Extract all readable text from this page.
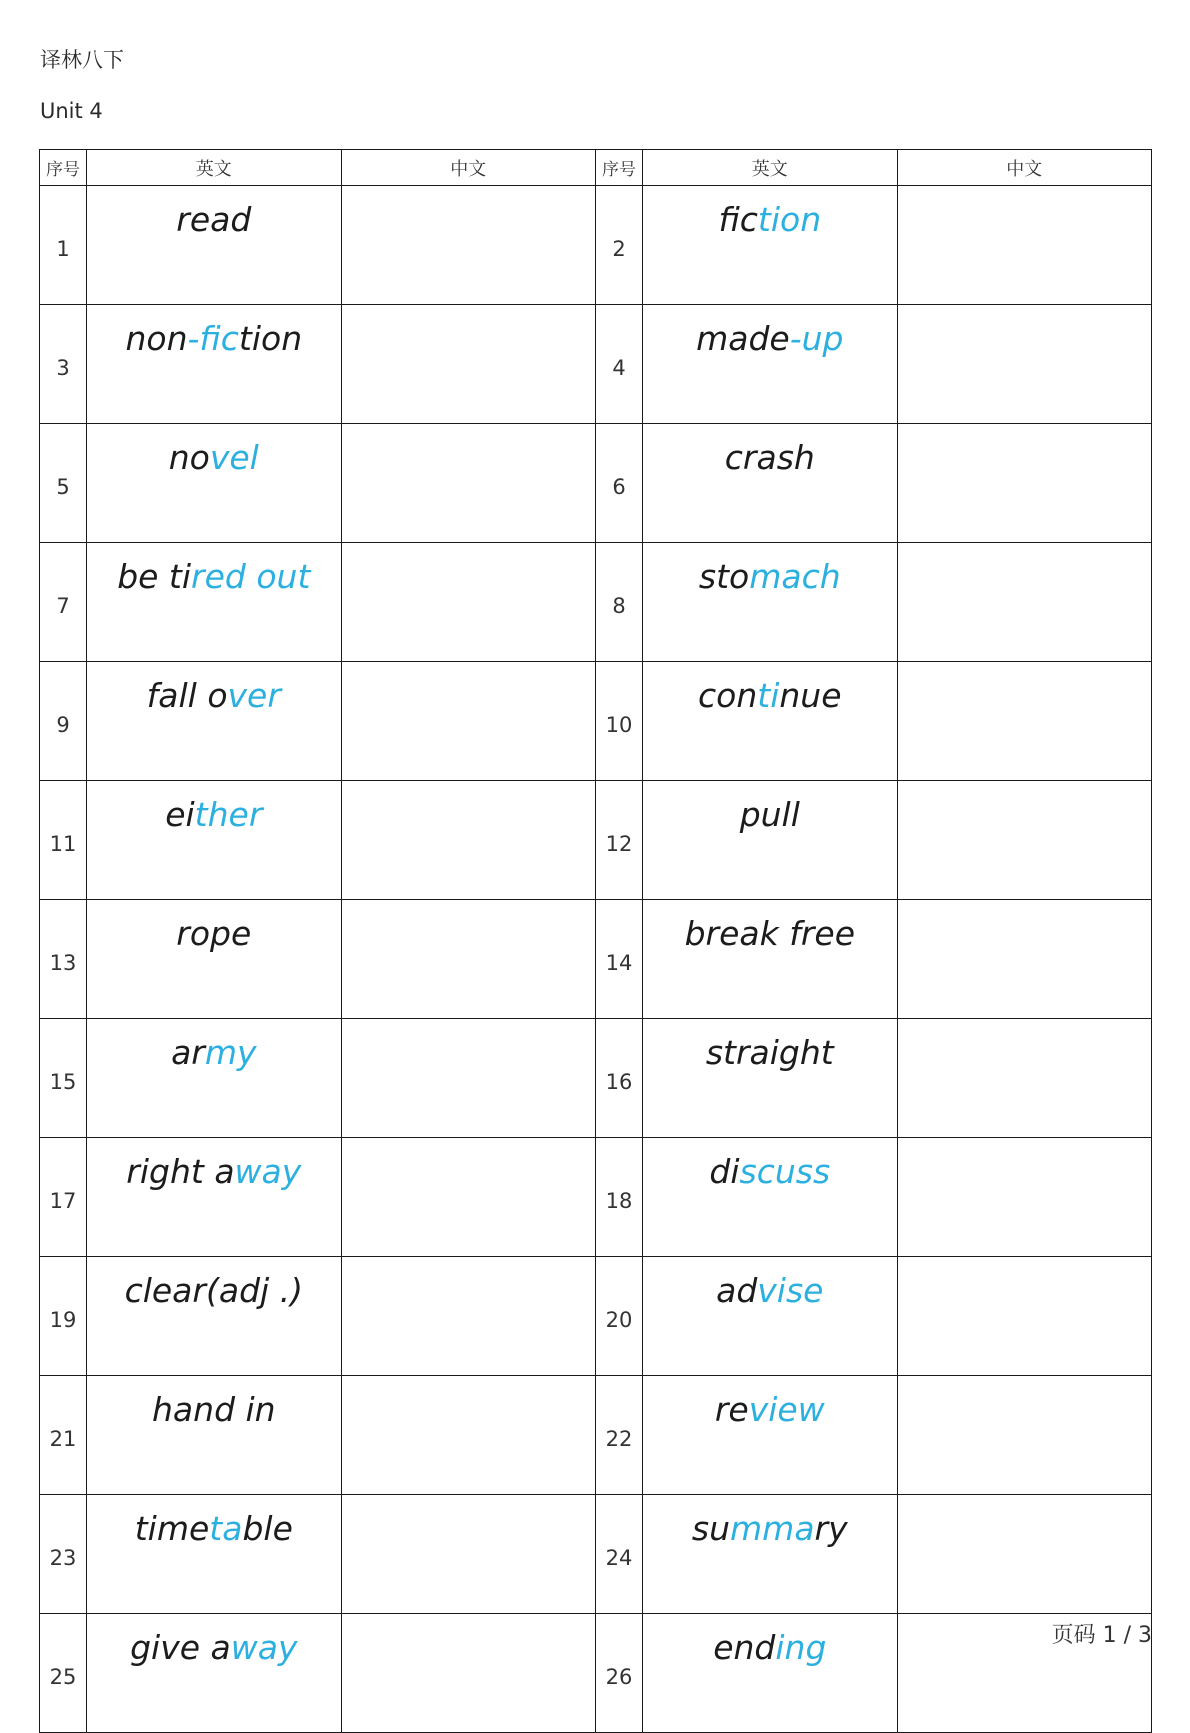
译林八下
Unit 4
序号	英文	中文	序号	英文	中文
1	read		2	fiction	
3	non-fiction		4	made-up	
5	novel		6	crash	
7	be tired out		8	stomach	
9	fall over		10	continue	
11	either		12	pull	
13	rope		14	break free	
15	army		16	straight	
17	right away		18	discuss	
19	clear(adj .)		20	advise	
21	hand in		22	review	
23	timetable		24	summary	
25	give away		26	ending		页码 1 / 3
